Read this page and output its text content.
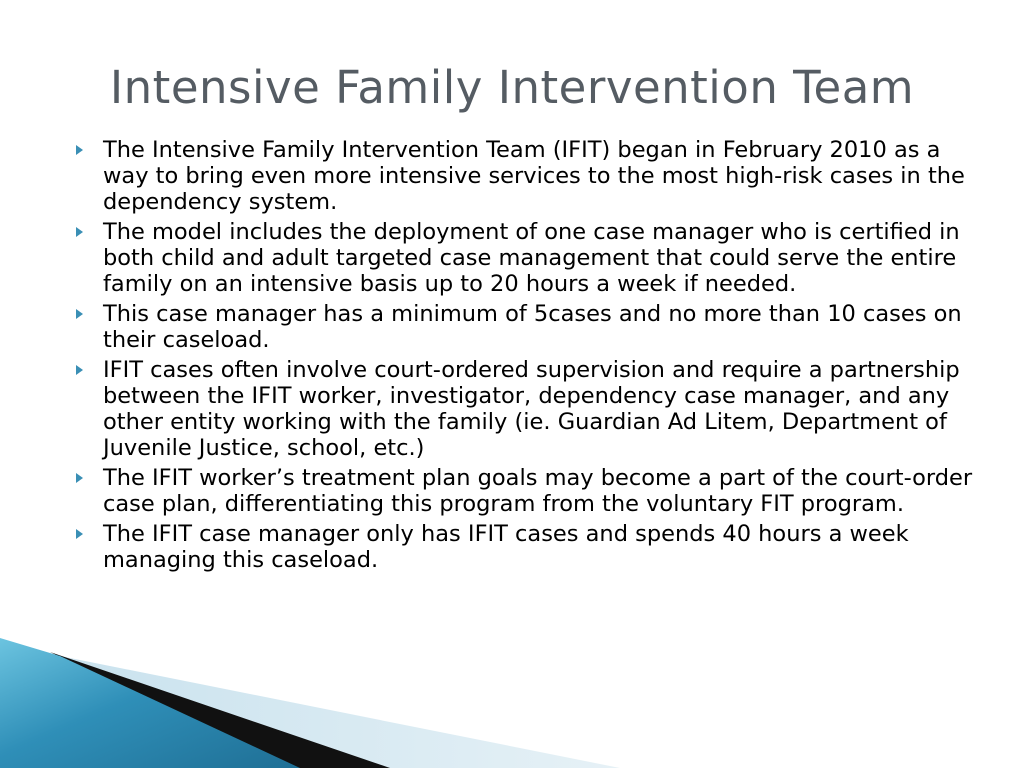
Intensive Family Intervention Team
The Intensive Family Intervention Team (IFIT) began in February 2010 as a way to bring even more intensive services to the most high-risk cases in the dependency system.
The model includes the deployment of one case manager who is certified in both child and adult targeted case management that could serve the entire family on an intensive basis up to 20 hours a week if needed.
This case manager has a minimum of 5cases and no more than 10 cases on their caseload.
IFIT cases often involve court-ordered supervision and require a partnership between the IFIT worker, investigator, dependency case manager, and any other entity working with the family (ie. Guardian Ad Litem, Department of Juvenile Justice, school, etc.)
The IFIT worker’s treatment plan goals may become a part of the court-order case plan, differentiating this program from the voluntary FIT program.
The IFIT case manager only has IFIT cases and spends 40 hours a week managing this caseload.
